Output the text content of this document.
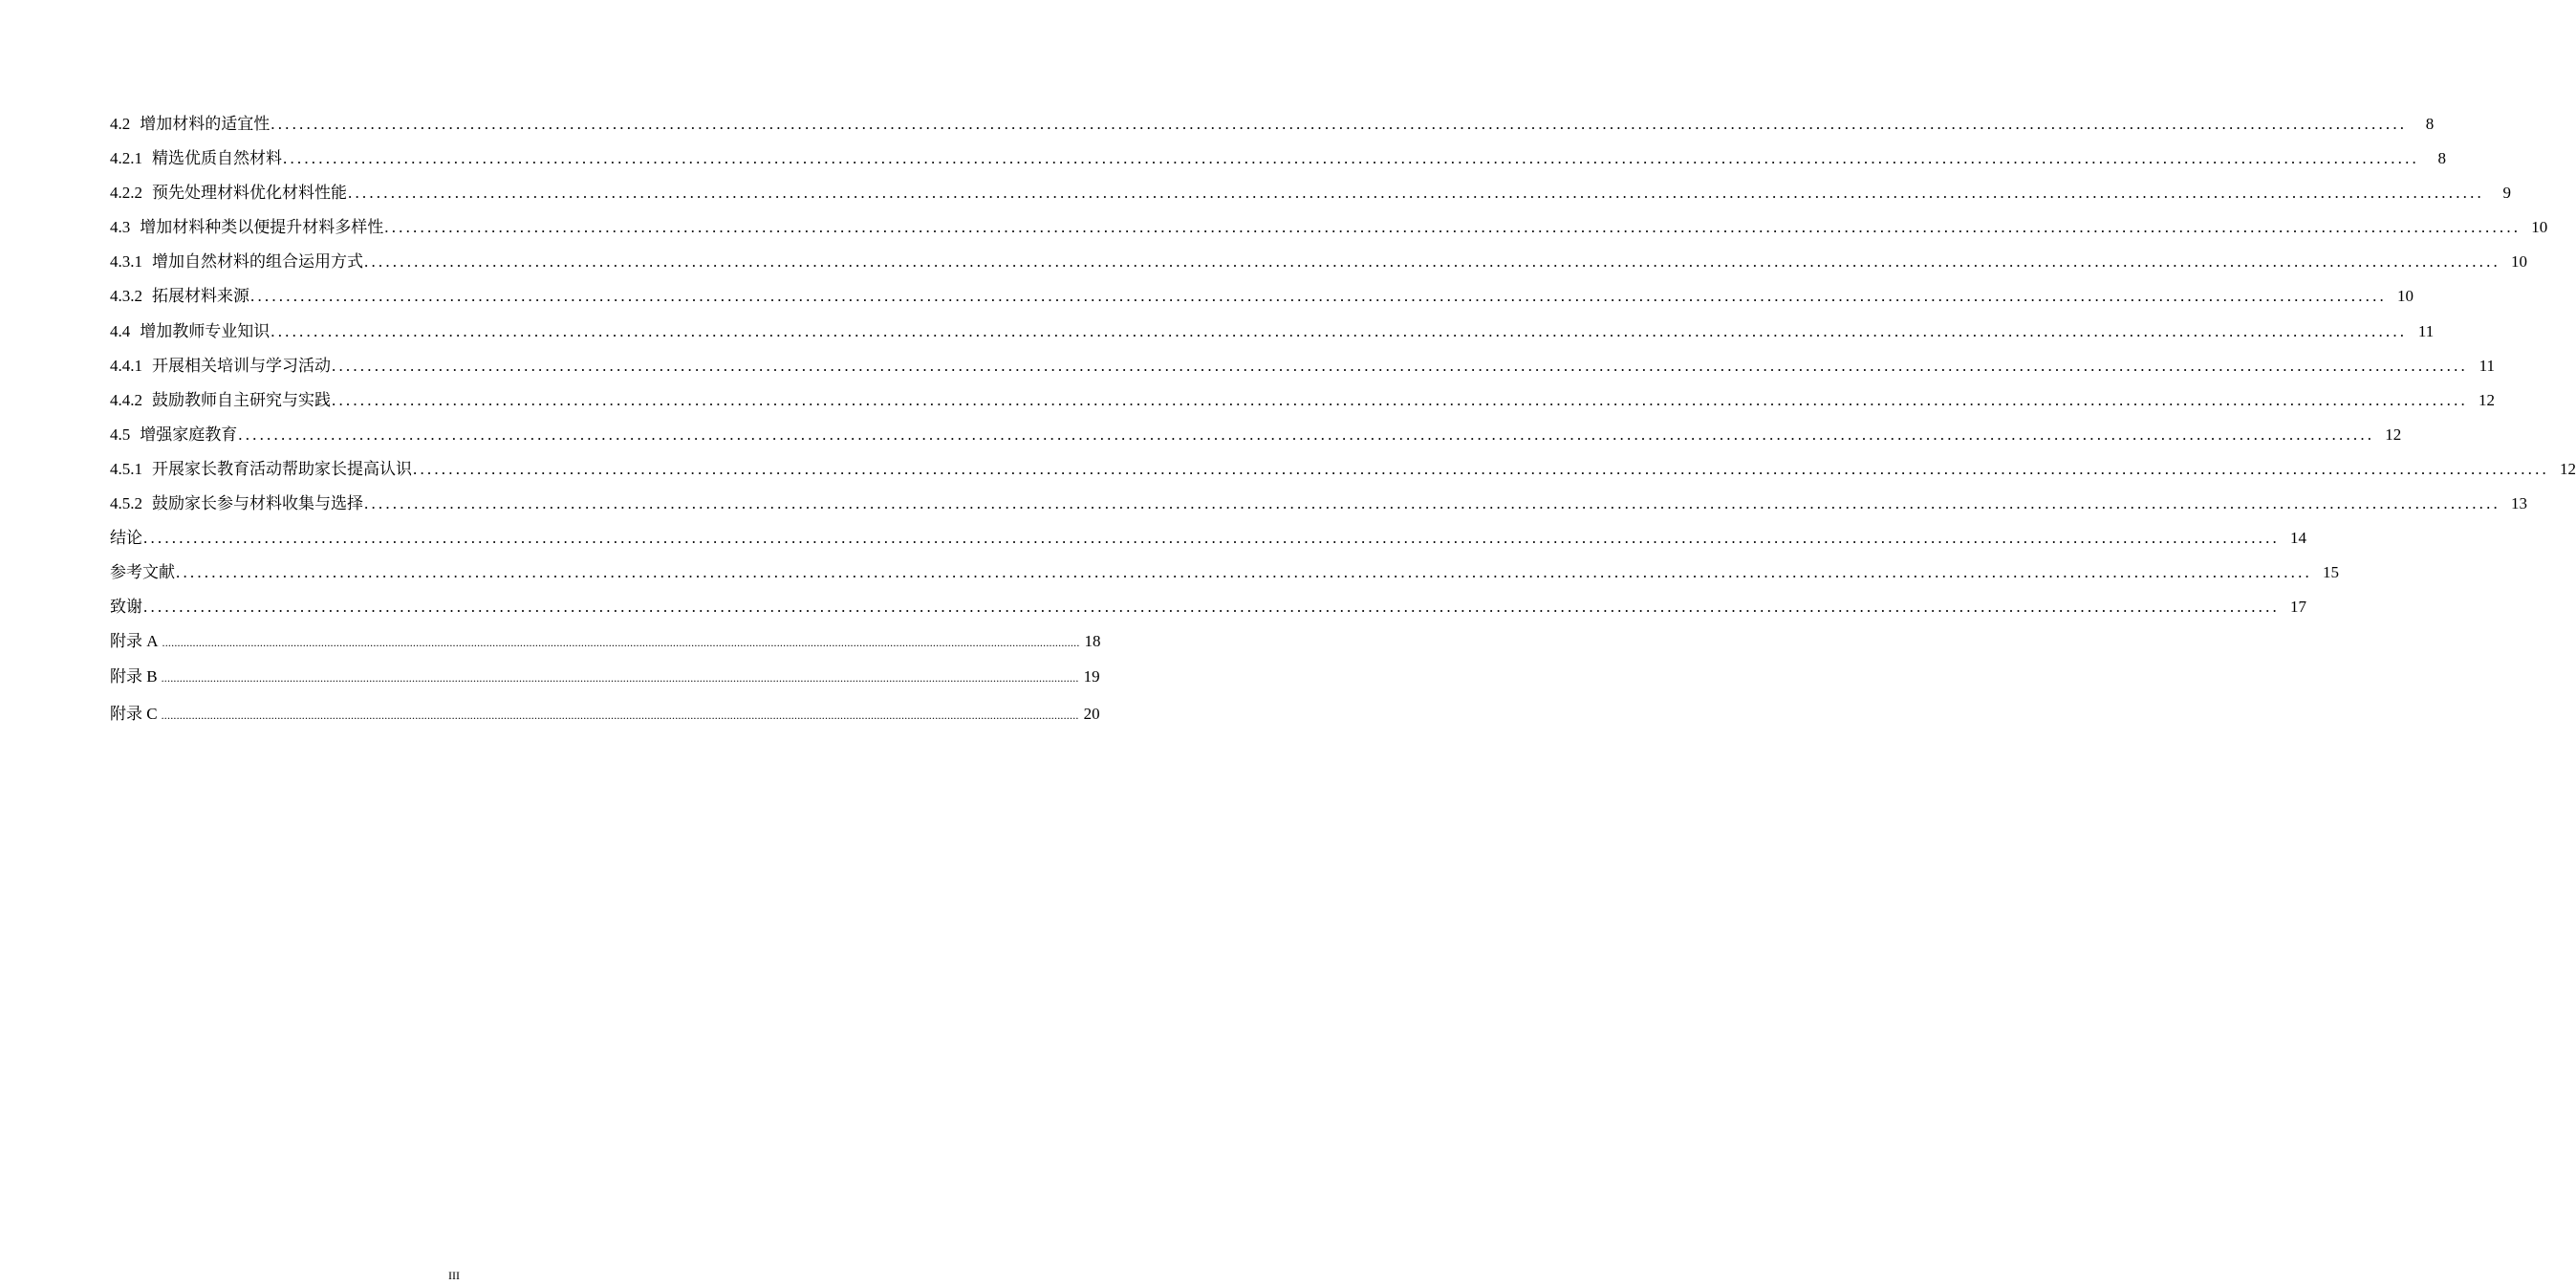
4.2 增加材料的适宜性 ............................................................................................................................................................................................................................................................................................................	8
4.2.1 精选优质自然材料 ............................................................................................................................................................................................................................................................................................................	8
4.2.2 预先处理材料优化材料性能 ............................................................................................................................................................................................................................................................................................................	9
4.3 增加材料种类以便提升材料多样性 ............................................................................................................................................................................................................................................................................................................ 10
4.3.1 增加自然材料的组合运用方式 ............................................................................................................................................................................................................................................................................................................ 10
4.3.2 拓展材料来源 ............................................................................................................................................................................................................................................................................................................ 10
4.4 增加教师专业知识 ............................................................................................................................................................................................................................................................................................................ 11
4.4.1 开展相关培训与学习活动 ............................................................................................................................................................................................................................................................................................................ 11
4.4.2 鼓励教师自主研究与实践 ............................................................................................................................................................................................................................................................................................................ 12
4.5 增强家庭教育 ............................................................................................................................................................................................................................................................................................................ 12
4.5.1 开展家长教育活动帮助家长提高认识 ............................................................................................................................................................................................................................................................................................................ 12
4.5.2 鼓励家长参与材料收集与选择 ............................................................................................................................................................................................................................................................................................................ 13
结论 ............................................................................................................................................................................................................................................................................................................ 14
参考文献 ............................................................................................................................................................................................................................................................................................................ 15
致谢 ............................................................................................................................................................................................................................................................................................................ 17
附录 A ............................................................................................................................................................................................................................................................................................................ 18
附录 B ............................................................................................................................................................................................................................................................................................................ 19
附录 C ............................................................................................................................................................................................................................................................................................................ 20
III
